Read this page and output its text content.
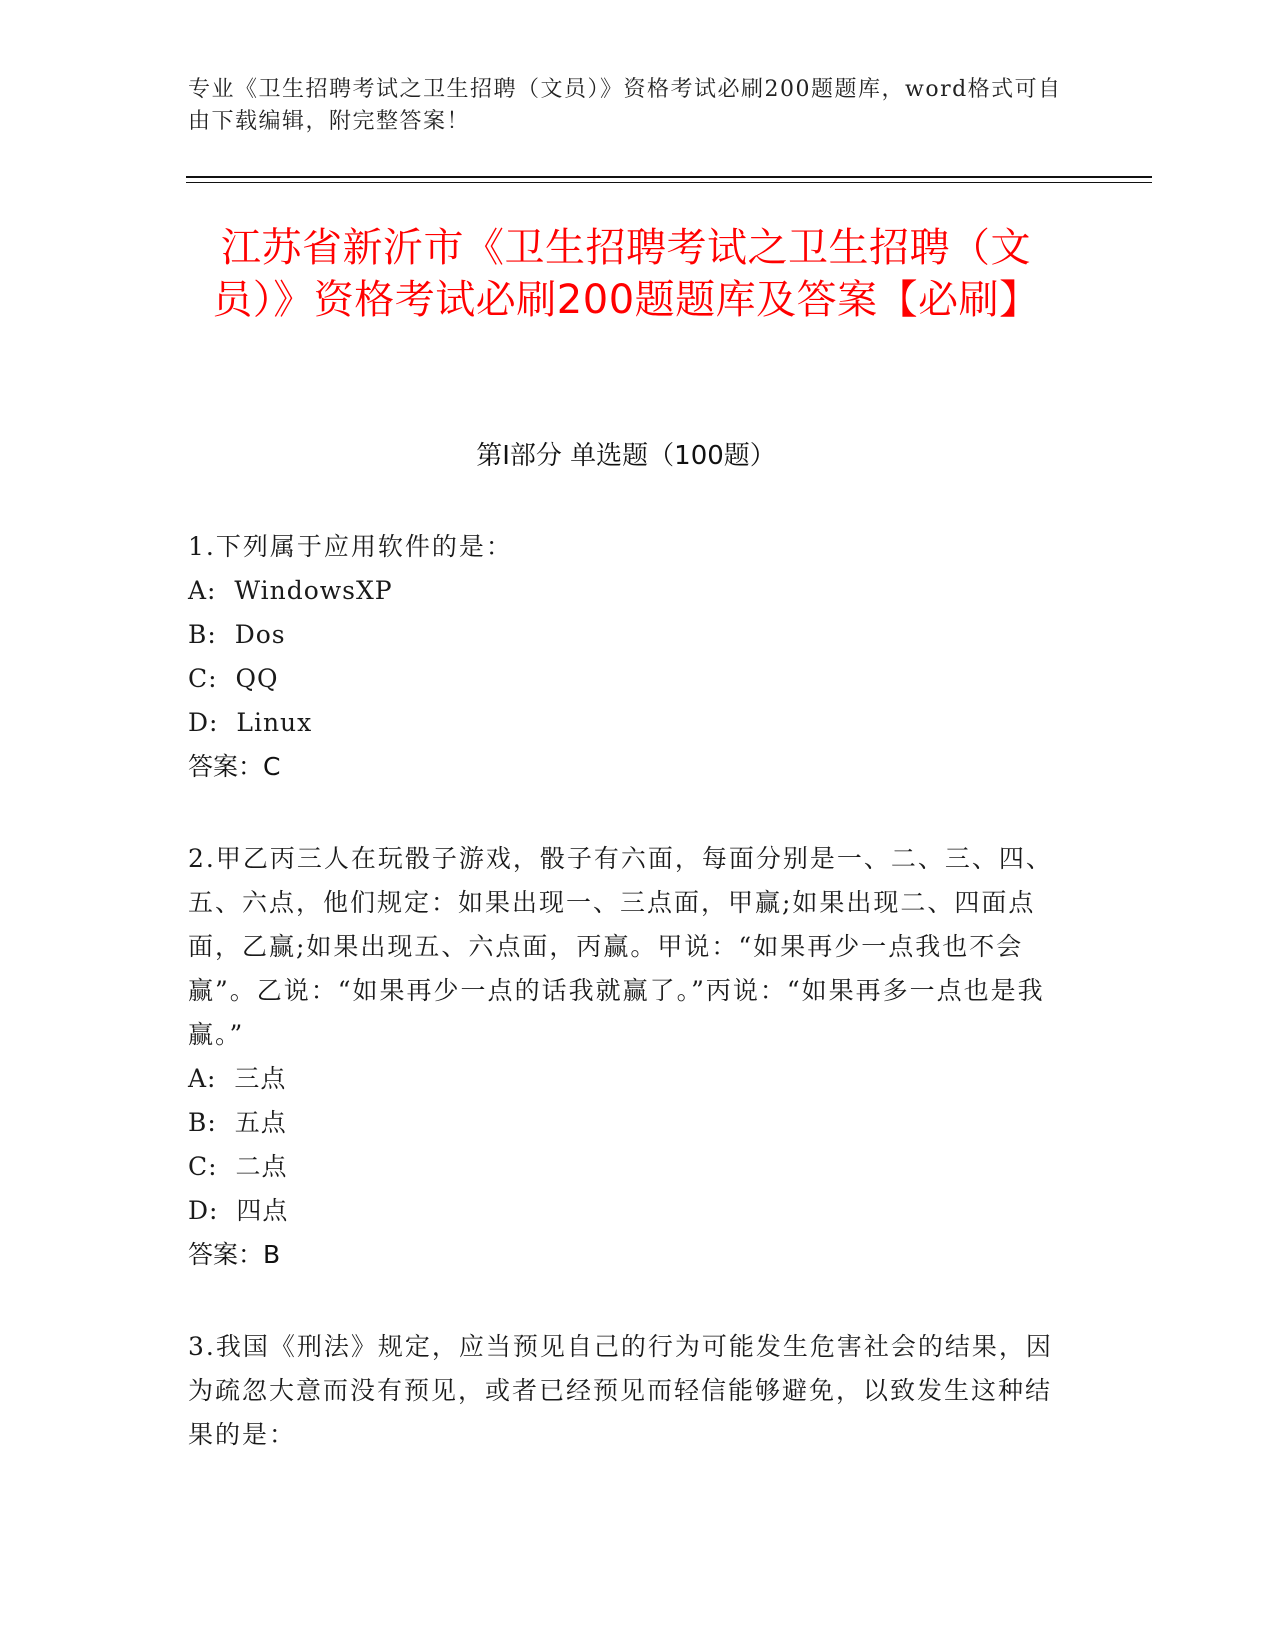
专业《卫生招聘考试之卫生招聘（文员）》资格考试必刷200题题库，word格式可自由下载编辑，附完整答案！
江苏省新沂市《卫生招聘考试之卫生招聘（文员）》资格考试必刷200题题库及答案【必刷】
第I部分 单选题（100题）

1.下列属于应用软件的是：

A:  WindowsXP

B:  Dos

C:  QQ

D:  Linux

答案：C

2.甲乙丙三人在玩骰子游戏，骰子有六面，每面分别是一、二、三、四、五、六点，他们规定：如果出现一、三点面，甲赢;如果出现二、四面点面，乙赢;如果出现五、六点面，丙赢。甲说：“如果再少一点我也不会赢”。乙说：“如果再少一点的话我就赢了。”丙说：“如果再多一点也是我赢。”

A:  三点

B:  五点

C:  二点

D:  四点

答案：B

3.我国《刑法》规定，应当预见自己的行为可能发生危害社会的结果，因为疏忽大意而没有预见，或者已经预见而轻信能够避免，以致发生这种结果的是：
